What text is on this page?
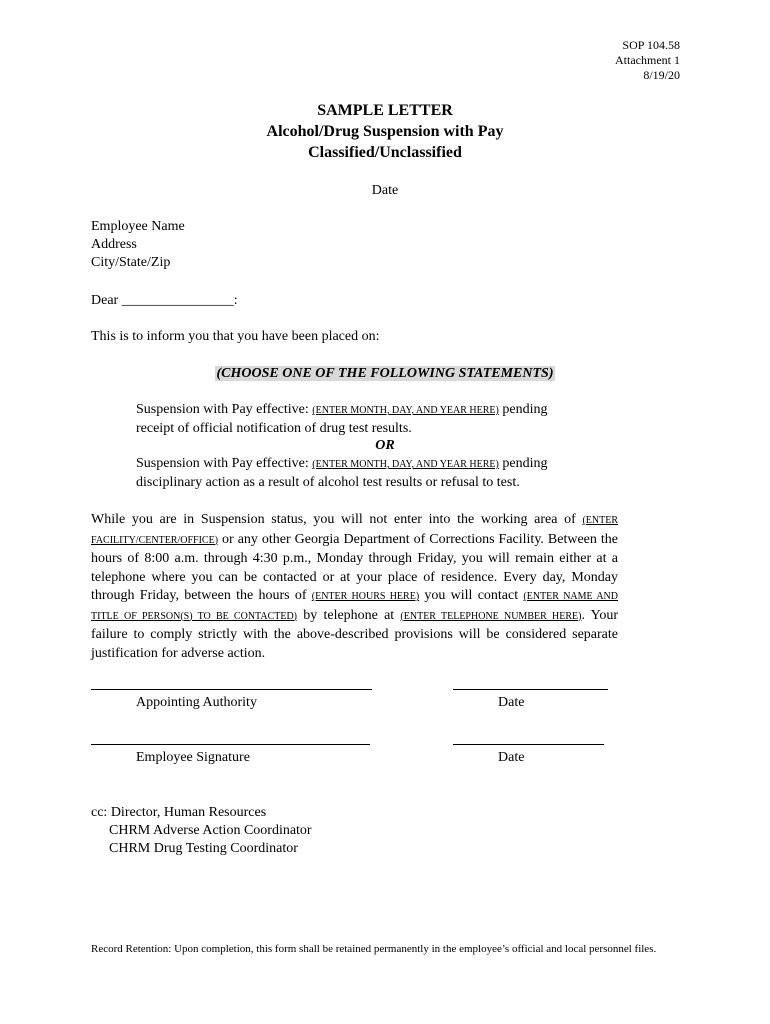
SOP 104.58
Attachment 1
8/19/20
SAMPLE LETTER
Alcohol/Drug Suspension with Pay
Classified/Unclassified
Date
Employee Name
Address
City/State/Zip
Dear ________________:
This is to inform you that you have been placed on:
(CHOOSE ONE OF THE FOLLOWING STATEMENTS)
Suspension with Pay effective: (ENTER MONTH, DAY, AND YEAR HERE) pending
receipt of official notification of drug test results.
OR
Suspension with Pay effective: (ENTER MONTH, DAY, AND YEAR HERE) pending
disciplinary action as a result of alcohol test results or refusal to test.
While you are in Suspension status, you will not enter into the working area of (ENTER FACILITY/CENTER/OFFICE) or any other Georgia Department of Corrections Facility. Between the hours of 8:00 a.m. through 4:30 p.m., Monday through Friday, you will remain either at a telephone where you can be contacted or at your place of residence. Every day, Monday through Friday, between the hours of (ENTER HOURS HERE) you will contact (ENTER NAME AND TITLE OF PERSON(S) TO BE CONTACTED) by telephone at (ENTER TELEPHONE NUMBER HERE). Your failure to comply strictly with the above-described provisions will be considered separate justification for adverse action.
Appointing Authority	Date
Employee Signature	Date
cc: Director, Human Resources
CHRM Adverse Action Coordinator
CHRM Drug Testing Coordinator
Record Retention: Upon completion, this form shall be retained permanently in the employee’s official and local personnel files.
